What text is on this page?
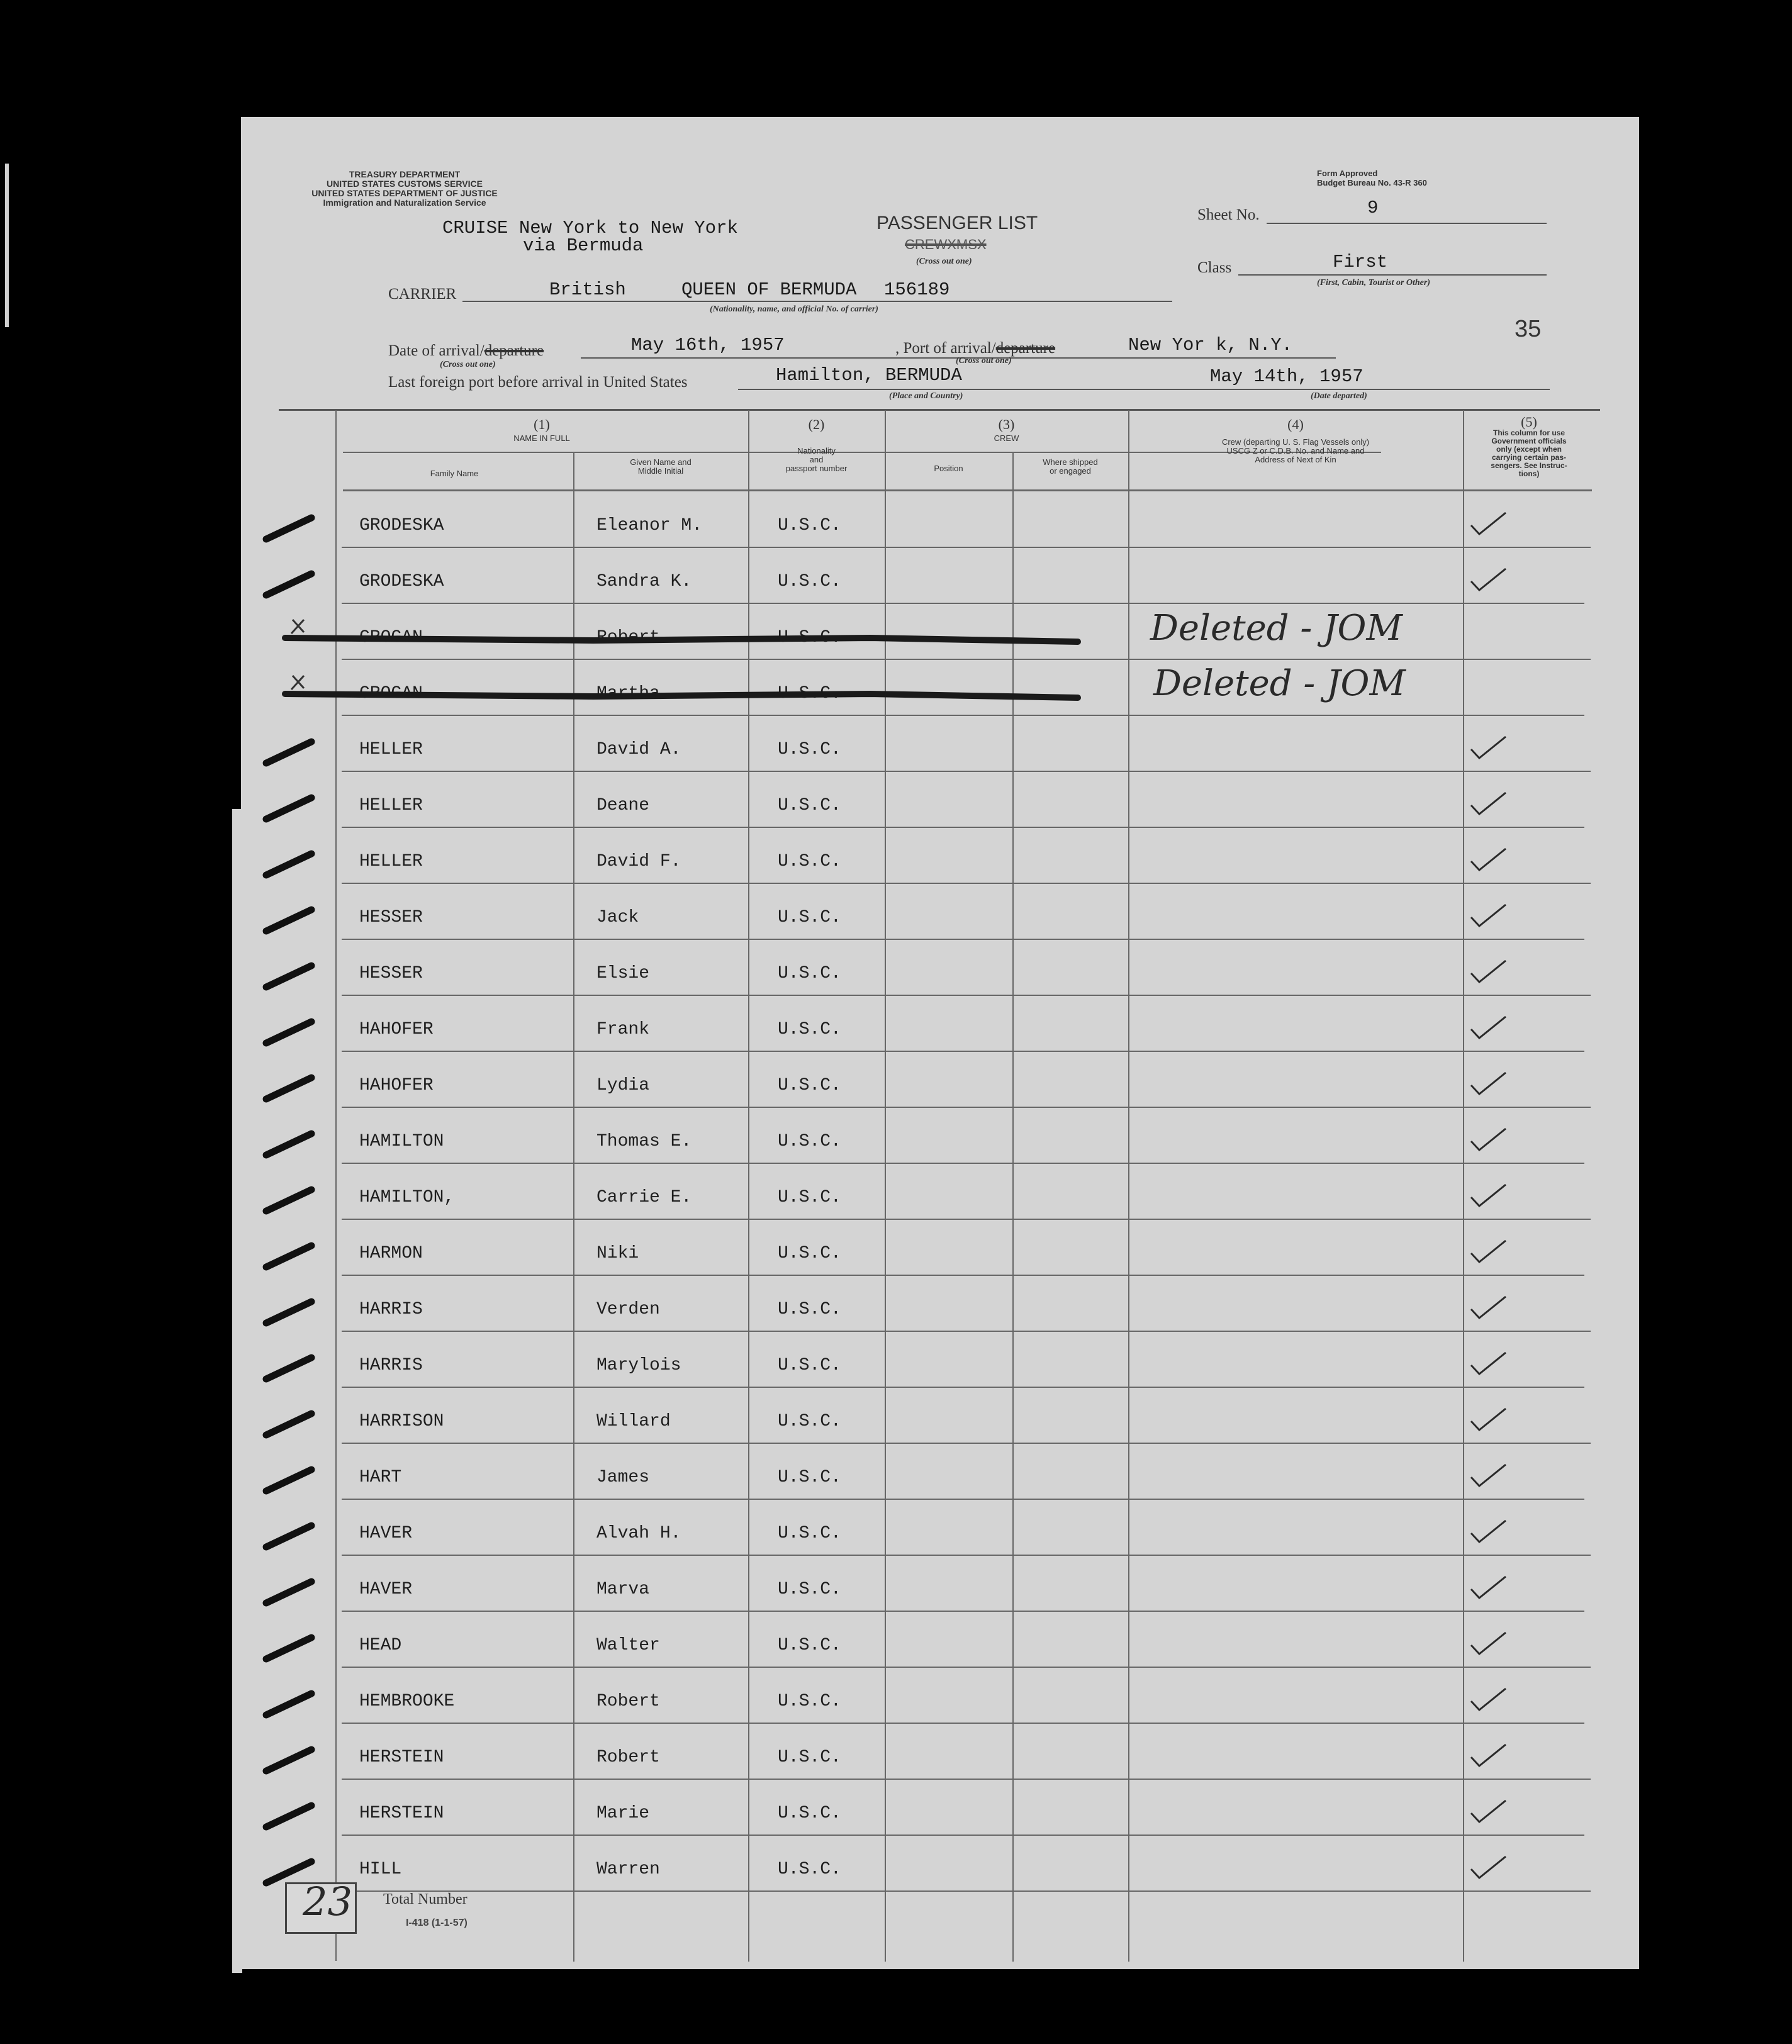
TREASURY DEPARTMENT
UNITED STATES CUSTOMS SERVICE
UNITED STATES DEPARTMENT OF JUSTICE
Immigration and Naturalization Service
Form Approved
Budget Bureau No. 43-R 360
CRUISE New York to New York
via Bermuda
PASSENGER LIST
CREWXMSX
(Cross out one)
Sheet No.	9
Class	First
(First, Cabin, Tourist or Other)
CARRIER	British	QUEEN OF BERMUDA 156189
(Nationality, name, and official No. of carrier)
35
Date of arrival/departure
(Cross out one)
May 16th, 1957	, Port of arrival/departure
(Cross out one)
New Yor k, N.Y.
Last foreign port before arrival in United States	Hamilton, BERMUDA
(Place and Country)
May 14th, 1957
(Date departed)
(1)
NAME IN FULL
Family Name
Given Name and
Middle Initial
(2)
Nationality
and
passport number
(3)
CREW
Position
Where shipped
or engaged
(4)
Crew (departing U. S. Flag Vessels only)
USCG Z or C.D.B. No. and Name and
Address of Next of Kin
(5)
This column for use
Government officials
only (except when
carrying certain pas-
sengers. See Instruc-
tions)
GRODESKA	Eleanor M.	U.S.C.
GRODESKA	Sandra K.	U.S.C.
GROGAN	Robert	U.S.C.
GROGAN	Martha	U.S.C.
HELLER	David A.	U.S.C.
HELLER	Deane	U.S.C.
HELLER	David F.	U.S.C.
HESSER	Jack	U.S.C.
HESSER	Elsie	U.S.C.
HAHOFER	Frank	U.S.C.
HAHOFER	Lydia	U.S.C.
HAMILTON	Thomas E.	U.S.C.
HAMILTON,	Carrie E.	U.S.C.
HARMON	Niki	U.S.C.
HARRIS	Verden	U.S.C.
HARRIS	Marylois	U.S.C.
HARRISON	Willard	U.S.C.
HART	James	U.S.C.
HAVER	Alvah H.	U.S.C.
HAVER	Marva	U.S.C.
HEAD	Walter	U.S.C.
HEMBROOKE	Robert	U.S.C.
HERSTEIN	Robert	U.S.C.
HERSTEIN	Marie	U.S.C.
HILL	Warren	U.S.C.
Deleted - JOM
Deleted - JOM
23 Total Number
I-418 (1-1-57)
